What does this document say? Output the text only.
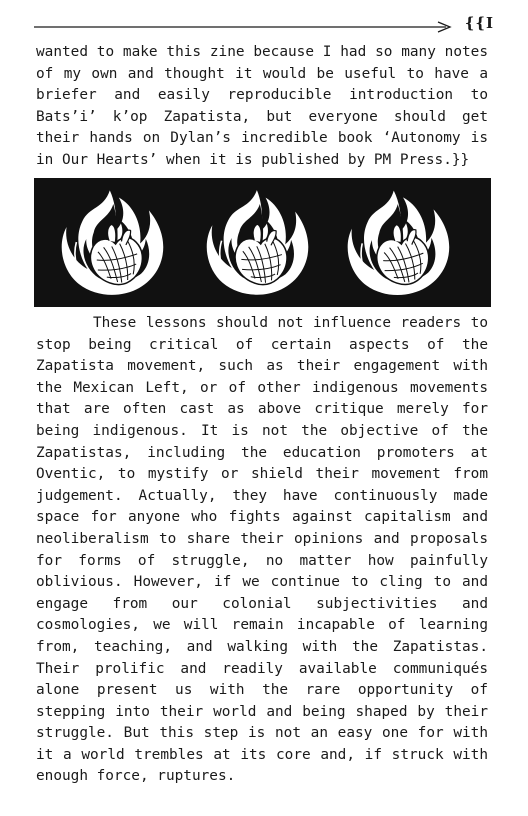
{{I

wanted to make this zine because I had so many notes of my own and thought it would be useful to have a briefer and easily reproducible introduction to Bats’i’ k’op Zapatista, but everyone should get their hands on Dylan’s incredible book ‘Autonomy is in Our Hearts’ when it is published by PM Press.}}

These lessons should not influence readers to stop being critical of certain aspects of the Zapatista movement, such as their engagement with the Mexican Left, or of other indigenous movements that are often cast as above critique merely for being indigenous. It is not the objective of the Zapatistas, including the education promoters at Oventic, to mystify or shield their movement from judgement. Actually, they have continuously made space for anyone who fights against capitalism and neoliberalism to share their opinions and proposals for forms of struggle, no matter how painfully oblivious. However, if we continue to cling to and engage from our colonial subjectivities and cosmologies, we will remain incapable of learning from, teaching, and walking with the Zapatistas. Their prolific and readily available communiqués alone present us with the rare opportunity of stepping into their world and being shaped by their struggle. But this step is not an easy one for with it a world trembles at its core and, if struck with enough force, ruptures.
